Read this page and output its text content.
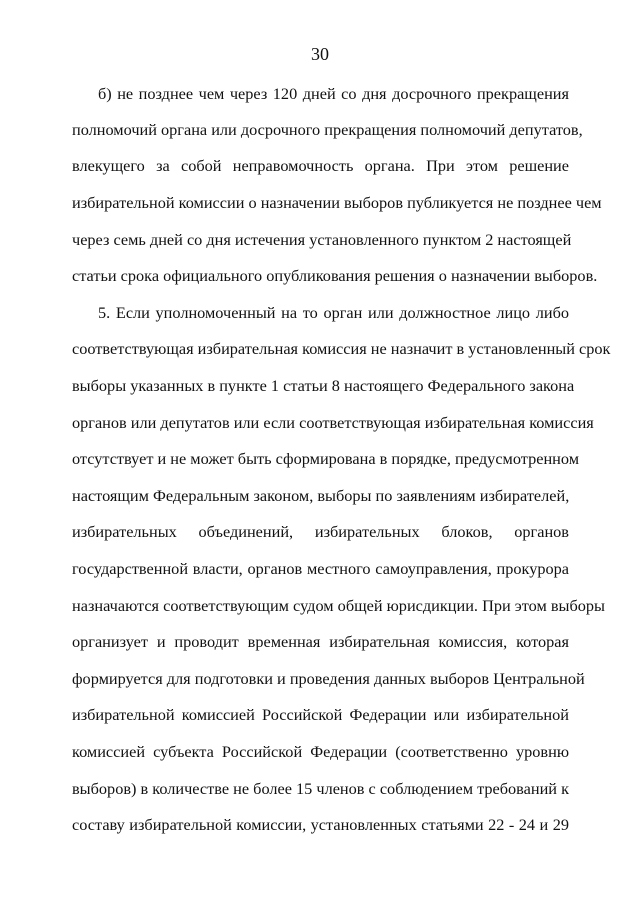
30
б) не позднее чем через 120 дней со дня досрочного прекращения
полномочий органа или досрочного прекращения полномочий депутатов,
влекущего за собой неправомочность органа. При этом решение
избирательной комиссии о назначении выборов публикуется не позднее чем
через семь дней со дня истечения установленного пунктом 2 настоящей
статьи срока официального опубликования решения о назначении выборов.
5. Если уполномоченный на то орган или должностное лицо либо
соответствующая избирательная комиссия не назначит в установленный срок
выборы указанных в пункте 1 статьи 8 настоящего Федерального закона
органов или депутатов или если соответствующая избирательная комиссия
отсутствует и не может быть сформирована в порядке, предусмотренном
настоящим Федеральным законом, выборы по заявлениям избирателей,
избирательных объединений, избирательных блоков, органов
государственной власти, органов местного самоуправления, прокурора
назначаются соответствующим судом общей юрисдикции. При этом выборы
организует и проводит временная избирательная комиссия, которая
формируется для подготовки и проведения данных выборов Центральной
избирательной комиссией Российской Федерации или избирательной
комиссией субъекта Российской Федерации (соответственно уровню
выборов) в количестве не более 15 членов с соблюдением требований к
составу избирательной комиссии, установленных статьями 22 - 24 и 29
